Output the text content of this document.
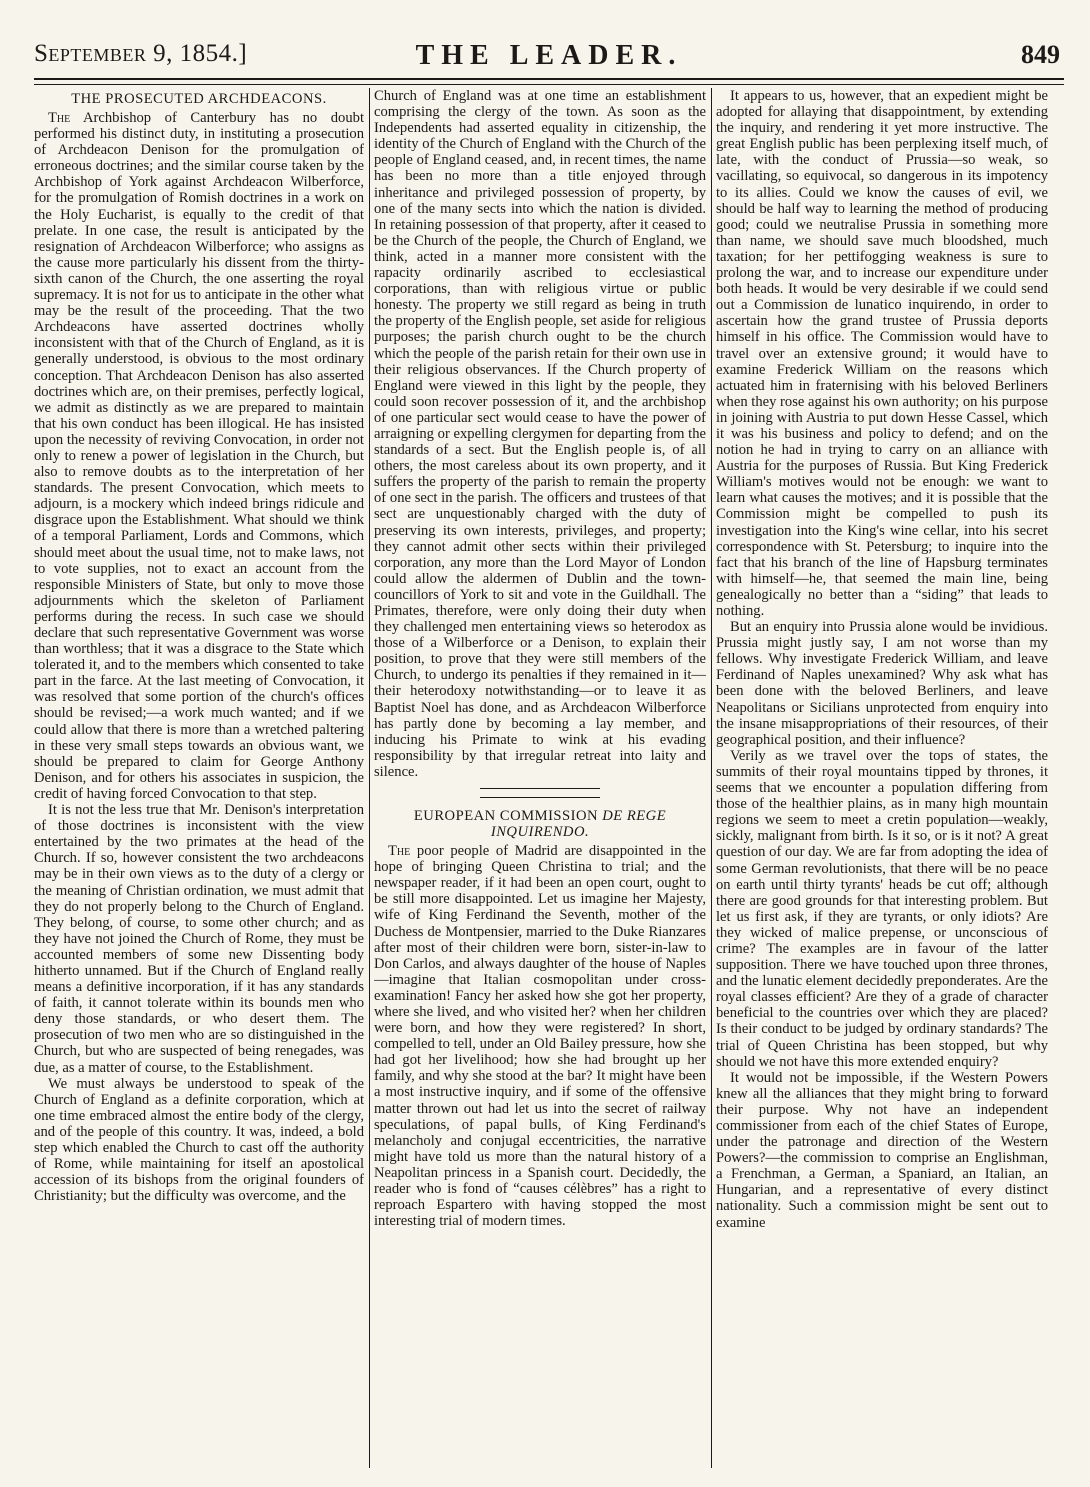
September 9, 1854.]	THE LEADER.	849
THE PROSECUTED ARCHDEACONS.

The Archbishop of Canterbury has no doubt performed his distinct duty, in instituting a prosecution of Archdeacon Denison for the promulgation of erroneous doctrines; and the similar course taken by the Archbishop of York against Archdeacon Wilberforce, for the promulgation of Romish doctrines in a work on the Holy Eucharist, is equally to the credit of that prelate. In one case, the result is anticipated by the resignation of Archdeacon Wilberforce; who assigns as the cause more particularly his dissent from the thirty-sixth canon of the Church, the one asserting the royal supremacy. It is not for us to anticipate in the other what may be the result of the proceeding. That the two Archdeacons have asserted doctrines wholly inconsistent with that of the Church of England, as it is generally understood, is obvious to the most ordinary conception. That Archdeacon Denison has also asserted doctrines which are, on their premises, perfectly logical, we admit as distinctly as we are prepared to maintain that his own conduct has been illogical. He has insisted upon the necessity of reviving Convocation, in order not only to renew a power of legislation in the Church, but also to remove doubts as to the interpretation of her standards. The present Convocation, which meets to adjourn, is a mockery which indeed brings ridicule and disgrace upon the Establishment. What should we think of a temporal Parliament, Lords and Commons, which should meet about the usual time, not to make laws, not to vote supplies, not to exact an account from the responsible Ministers of State, but only to move those adjournments which the skeleton of Parliament performs during the recess. In such case we should declare that such representative Government was worse than worthless; that it was a disgrace to the State which tolerated it, and to the members which consented to take part in the farce. At the last meeting of Convocation, it was resolved that some portion of the church's offices should be revised;—a work much wanted; and if we could allow that there is more than a wretched paltering in these very small steps towards an obvious want, we should be prepared to claim for George Anthony Denison, and for others his associates in suspicion, the credit of having forced Convocation to that step.

It is not the less true that Mr. Denison's interpretation of those doctrines is inconsistent with the view entertained by the two primates at the head of the Church. If so, however consistent the two archdeacons may be in their own views as to the duty of a clergy or the meaning of Christian ordination, we must admit that they do not properly belong to the Church of England. They belong, of course, to some other church; and as they have not joined the Church of Rome, they must be accounted members of some new Dissenting body hitherto unnamed. But if the Church of England really means a definitive incorporation, if it has any standards of faith, it cannot tolerate within its bounds men who deny those standards, or who desert them. The prosecution of two men who are so distinguished in the Church, but who are suspected of being renegades, was due, as a matter of course, to the Establishment.

We must always be understood to speak of the Church of England as a definite corporation, which at one time embraced almost the entire body of the clergy, and of the people of this country. It was, indeed, a bold step which enabled the Church to cast off the authority of Rome, while maintaining for itself an apostolical accession of its bishops from the original founders of Christianity; but the difficulty was overcome, and the

Church of England was at one time an establishment comprising the clergy of the town. As soon as the Independents had asserted equality in citizenship, the identity of the Church of England with the Church of the people of England ceased, and, in recent times, the name has been no more than a title enjoyed through inheritance and privileged possession of property, by one of the many sects into which the nation is divided. In retaining possession of that property, after it ceased to be the Church of the people, the Church of England, we think, acted in a manner more consistent with the rapacity ordinarily ascribed to ecclesiastical corporations, than with religious virtue or public honesty. The property we still regard as being in truth the property of the English people, set aside for religious purposes; the parish church ought to be the church which the people of the parish retain for their own use in their religious observances. If the Church property of England were viewed in this light by the people, they could soon recover possession of it, and the archbishop of one particular sect would cease to have the power of arraigning or expelling clergymen for departing from the standards of a sect. But the English people is, of all others, the most careless about its own property, and it suffers the property of the parish to remain the property of one sect in the parish. The officers and trustees of that sect are unquestionably charged with the duty of preserving its own interests, privileges, and property; they cannot admit other sects within their privileged corporation, any more than the Lord Mayor of London could allow the aldermen of Dublin and the town-councillors of York to sit and vote in the Guildhall. The Primates, therefore, were only doing their duty when they challenged men entertaining views so heterodox as those of a Wilberforce or a Denison, to explain their position, to prove that they were still members of the Church, to undergo its penalties if they remained in it—their heterodoxy notwithstanding—or to leave it as Baptist Noel has done, and as Archdeacon Wilberforce has partly done by becoming a lay member, and inducing his Primate to wink at his evading responsibility by that irregular retreat into laity and silence.

EUROPEAN COMMISSION DE REGE INQUIRENDO.

The poor people of Madrid are disappointed in the hope of bringing Queen Christina to trial; and the newspaper reader, if it had been an open court, ought to be still more disappointed. Let us imagine her Majesty, wife of King Ferdinand the Seventh, mother of the Duchess de Montpensier, married to the Duke Rianzares after most of their children were born, sister-in-law to Don Carlos, and always daughter of the house of Naples—imagine that Italian cosmopolitan under cross-examination! Fancy her asked how she got her property, where she lived, and who visited her? when her children were born, and how they were registered? In short, compelled to tell, under an Old Bailey pressure, how she had got her livelihood; how she had brought up her family, and why she stood at the bar? It might have been a most instructive inquiry, and if some of the offensive matter thrown out had let us into the secret of railway speculations, of papal bulls, of King Ferdinand's melancholy and conjugal eccentricities, the narrative might have told us more than the natural history of a Neapolitan princess in a Spanish court. Decidedly, the reader who is fond of “causes célèbres” has a right to reproach Espartero with having stopped the most interesting trial of modern times.

It appears to us, however, that an expedient might be adopted for allaying that disappointment, by extending the inquiry, and rendering it yet more instructive. The great English public has been perplexing itself much, of late, with the conduct of Prussia—so weak, so vacillating, so equivocal, so dangerous in its impotency to its allies. Could we know the causes of evil, we should be half way to learning the method of producing good; could we neutralise Prussia in something more than name, we should save much bloodshed, much taxation; for her pettifogging weakness is sure to prolong the war, and to increase our expenditure under both heads. It would be very desirable if we could send out a Commission de lunatico inquirendo, in order to ascertain how the grand trustee of Prussia deports himself in his office. The Commission would have to travel over an extensive ground; it would have to examine Frederick William on the reasons which actuated him in fraternising with his beloved Berliners when they rose against his own authority; on his purpose in joining with Austria to put down Hesse Cassel, which it was his business and policy to defend; and on the notion he had in trying to carry on an alliance with Austria for the purposes of Russia. But King Frederick William's motives would not be enough: we want to learn what causes the motives; and it is possible that the Commission might be compelled to push its investigation into the King's wine cellar, into his secret correspondence with St. Petersburg; to inquire into the fact that his branch of the line of Hapsburg terminates with himself—he, that seemed the main line, being genealogically no better than a “siding” that leads to nothing.

But an enquiry into Prussia alone would be invidious. Prussia might justly say, I am not worse than my fellows. Why investigate Frederick William, and leave Ferdinand of Naples unexamined? Why ask what has been done with the beloved Berliners, and leave Neapolitans or Sicilians unprotected from enquiry into the insane misappropriations of their resources, of their geographical position, and their influence?

Verily as we travel over the tops of states, the summits of their royal mountains tipped by thrones, it seems that we encounter a population differing from those of the healthier plains, as in many high mountain regions we seem to meet a cretin population—weakly, sickly, malignant from birth. Is it so, or is it not? A great question of our day. We are far from adopting the idea of some German revolutionists, that there will be no peace on earth until thirty tyrants' heads be cut off; although there are good grounds for that interesting problem. But let us first ask, if they are tyrants, or only idiots? Are they wicked of malice prepense, or unconscious of crime? The examples are in favour of the latter supposition. There we have touched upon three thrones, and the lunatic element decidedly preponderates. Are the royal classes efficient? Are they of a grade of character beneficial to the countries over which they are placed? Is their conduct to be judged by ordinary standards? The trial of Queen Christina has been stopped, but why should we not have this more extended enquiry?

It would not be impossible, if the Western Powers knew all the alliances that they might bring to forward their purpose. Why not have an independent commissioner from each of the chief States of Europe, under the patronage and direction of the Western Powers?—the commission to comprise an Englishman, a Frenchman, a German, a Spaniard, an Italian, an Hungarian, and a representative of every distinct nationality. Such a commission might be sent out to examine
